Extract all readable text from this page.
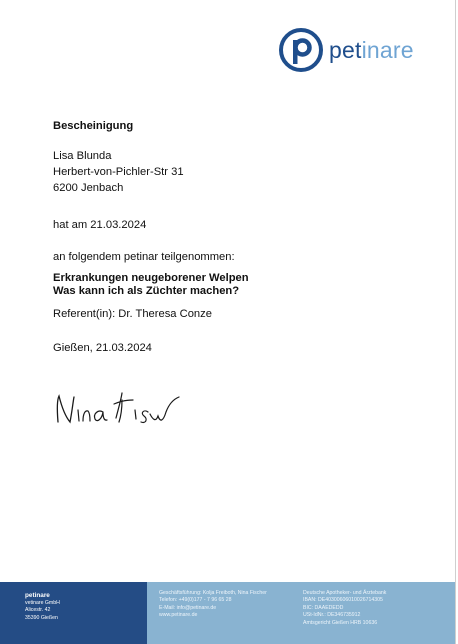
petinare
Bescheinigung
Lisa Blunda
Herbert-von-Pichler-Str 31
6200 Jenbach
hat am 21.03.2024
an folgendem petinar teilgenommen:
Erkrankungen neugeborener Welpen
Was kann ich als Züchter machen?
Referent(in): Dr. Theresa Conze
Gießen, 21.03.2024
petinare
vetinare GmbH
Alicestr. 42
35390 Gießen
Geschäftsführung: Kolja Freiboth, Nina Fischer
Telefon: +49(0)177 - 7 96 65 28
E-Mail: info@petinare.de
www.petinare.de
Deutsche Apotheker- und Ärztebank
IBAN: DE40300606010026714305
BIC: DAAEDEDD
USt-IdNr.: DE346735912
Amtsgericht Gießen HRB 10636
